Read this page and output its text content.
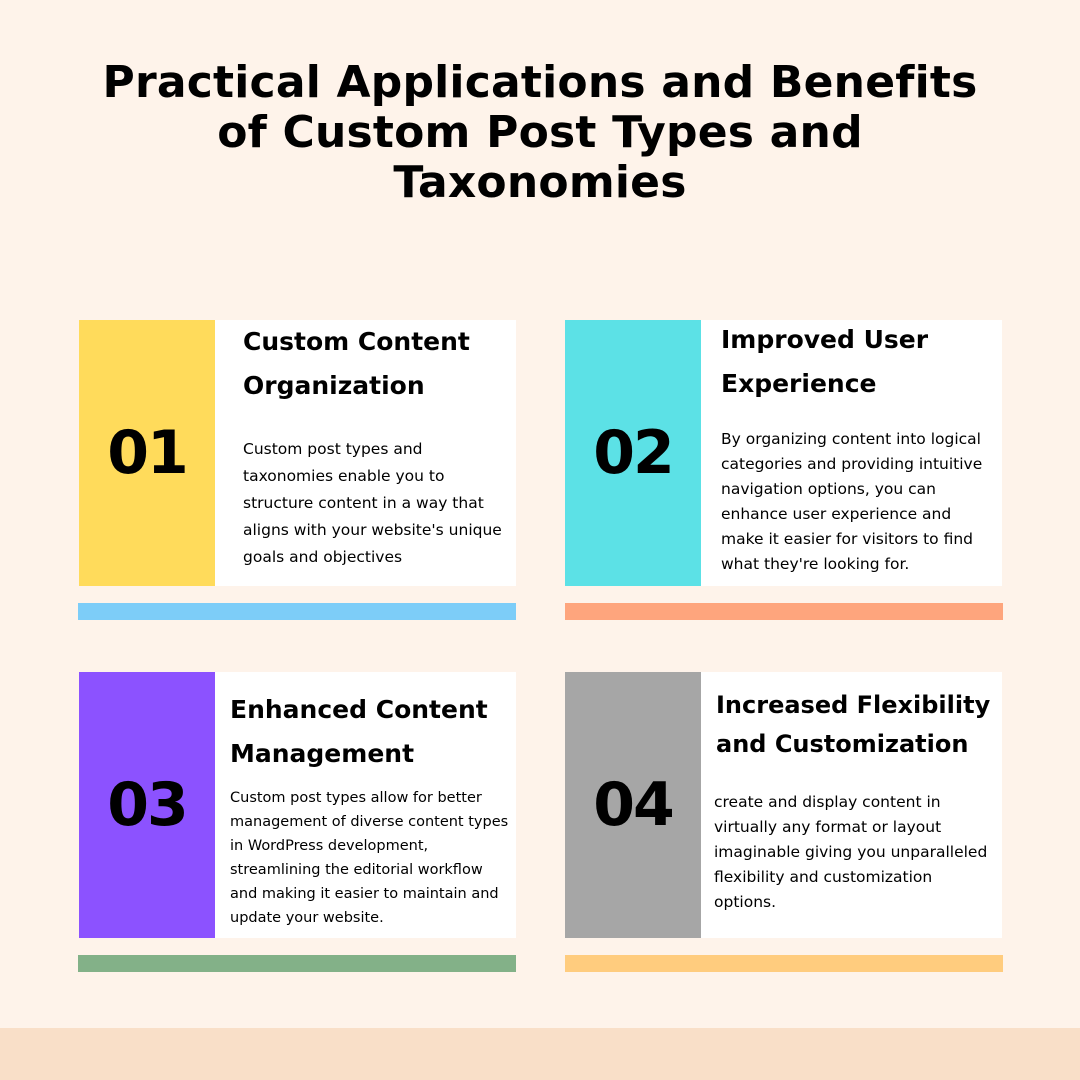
Practical Applications and Benefits of Custom Post Types and Taxonomies
01
Custom Content Organization

Custom post types and taxonomies enable you to structure content in a way that aligns with your website's unique goals and objectives

02
Improved User Experience

By organizing content into logical categories and providing intuitive navigation options, you can enhance user experience and make it easier for visitors to find what they're looking for.

03
Enhanced Content Management

Custom post types allow for better management of diverse content types in WordPress development, streamlining the editorial workflow and making it easier to maintain and update your website.

04
Increased Flexibility and Customization

create and display content in virtually any format or layout imaginable giving you unparalleled flexibility and customization options.
